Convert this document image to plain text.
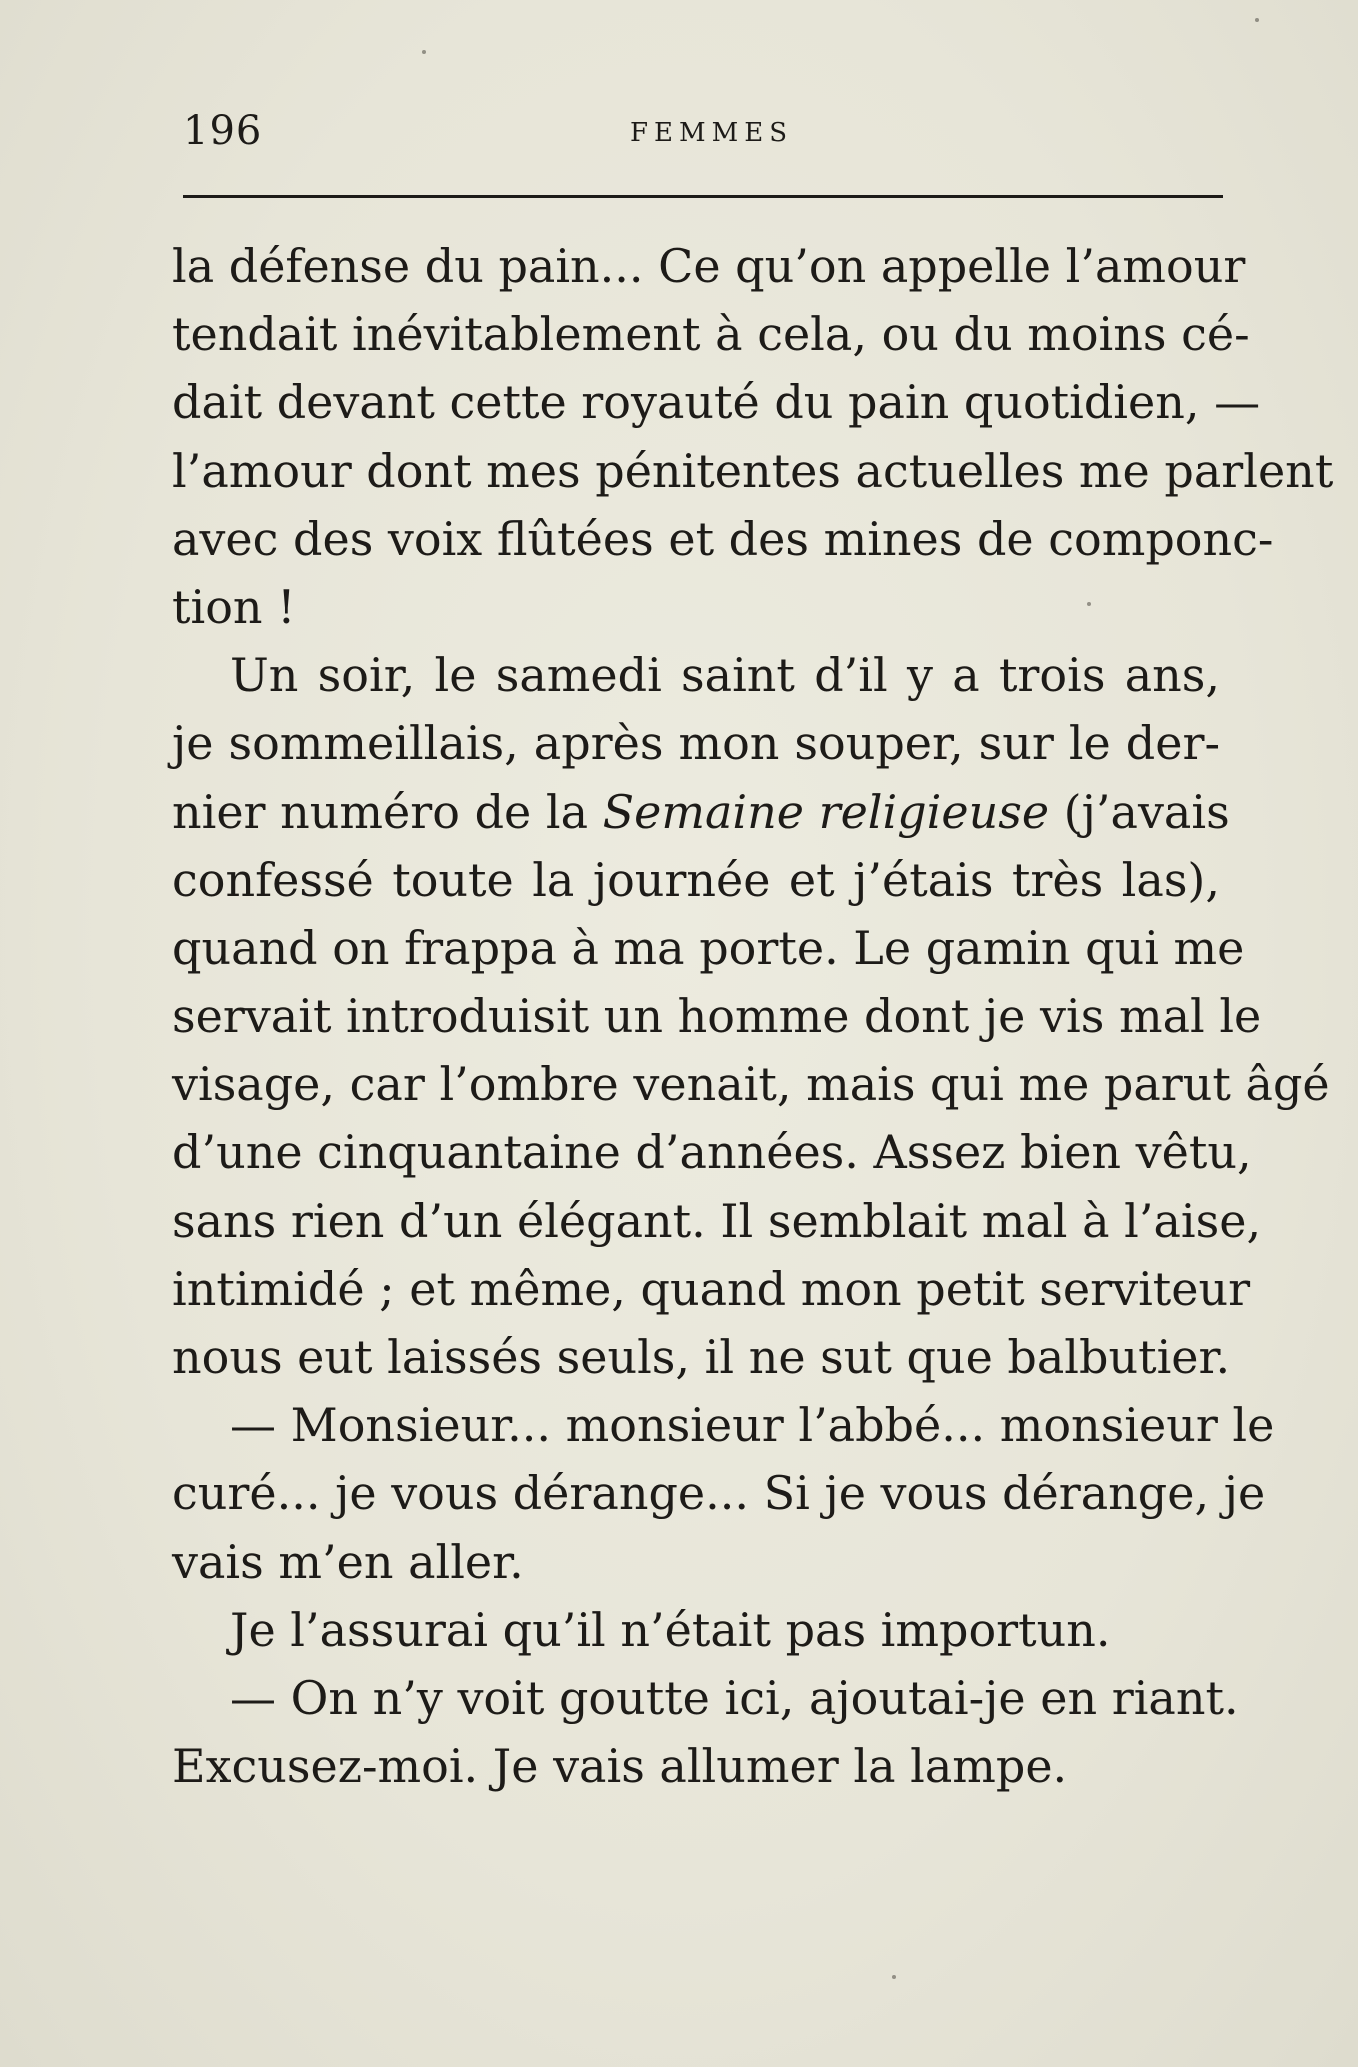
196	FEMMES
la défense du pain... Ce qu’on appelle l’amour
tendait inévitablement à cela, ou du moins cé-
dait devant cette royauté du pain quotidien, —
l’amour dont mes pénitentes actuelles me parlent
avec des voix flûtées et des mines de componc-
tion !
Un soir, le samedi saint d’il y a trois ans,
je sommeillais, après mon souper, sur le der-
nier numéro de la Semaine religieuse (j’avais
confessé toute la journée et j’étais très las),
quand on frappa à ma porte. Le gamin qui me
servait introduisit un homme dont je vis mal le
visage, car l’ombre venait, mais qui me parut âgé
d’une cinquantaine d’années. Assez bien vêtu,
sans rien d’un élégant. Il semblait mal à l’aise,
intimidé ; et même, quand mon petit serviteur
nous eut laissés seuls, il ne sut que balbutier.
— Monsieur... monsieur l’abbé... monsieur le
curé... je vous dérange... Si je vous dérange, je
vais m’en aller.
Je l’assurai qu’il n’était pas importun.
— On n’y voit goutte ici, ajoutai-je en riant.
Excusez-moi. Je vais allumer la lampe.
